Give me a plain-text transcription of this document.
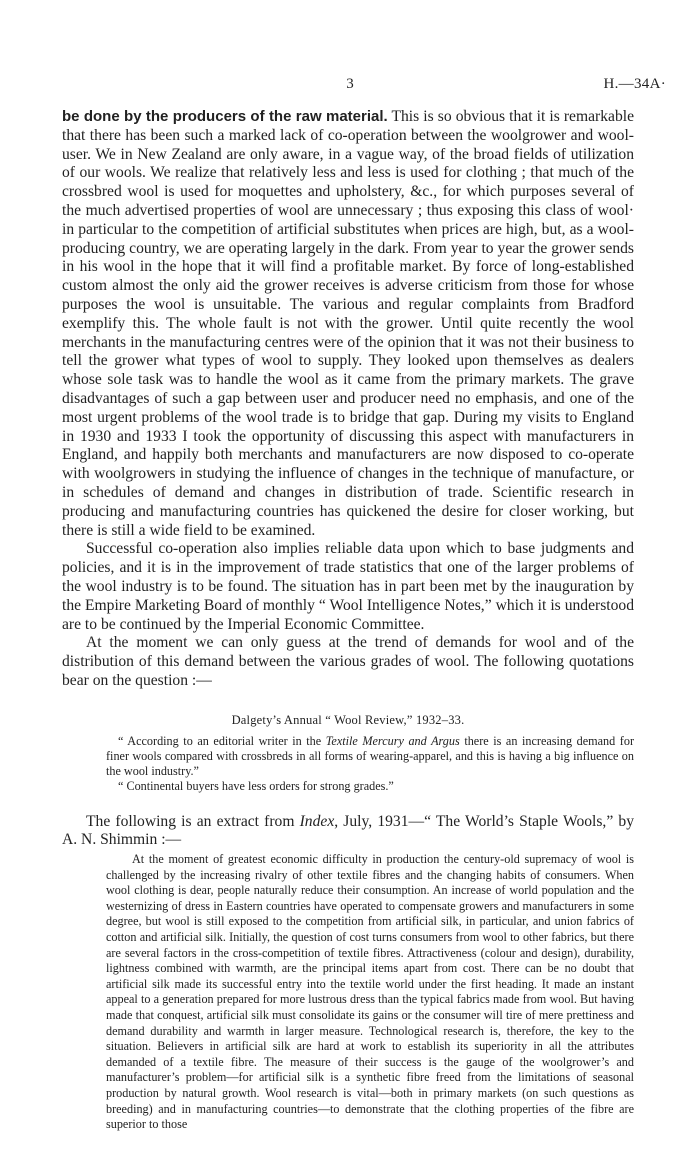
3	H.—34A·

be done by the producers of the raw material. This is so obvious that it is remarkable that there has been such a marked lack of co-operation between the woolgrower and wool-user. We in New Zealand are only aware, in a vague way, of the broad fields of utilization of our wools. We realize that relatively less and less is used for clothing ; that much of the crossbred wool is used for moquettes and upholstery, &c., for which purposes several of the much advertised properties of wool are unnecessary ; thus exposing this class of wool· in particular to the competition of artificial substitutes when prices are high, but, as a wool-producing country, we are operating largely in the dark. From year to year the grower sends in his wool in the hope that it will find a profitable market. By force of long-established custom almost the only aid the grower receives is adverse criticism from those for whose purposes the wool is unsuitable. The various and regular complaints from Bradford exemplify this. The whole fault is not with the grower. Until quite recently the wool merchants in the manufacturing centres were of the opinion that it was not their business to tell the grower what types of wool to supply. They looked upon themselves as dealers whose sole task was to handle the wool as it came from the primary markets. The grave disadvantages of such a gap between user and producer need no emphasis, and one of the most urgent problems of the wool trade is to bridge that gap. During my visits to England in 1930 and 1933 I took the opportunity of discussing this aspect with manufacturers in England, and happily both merchants and manufacturers are now disposed to co-operate with woolgrowers in studying the influence of changes in the technique of manufacture, or in schedules of demand and changes in distribution of trade. Scientific research in producing and manufacturing countries has quickened the desire for closer working, but there is still a wide field to be examined.

Successful co-operation also implies reliable data upon which to base judgments and policies, and it is in the improvement of trade statistics that one of the larger problems of the wool industry is to be found. The situation has in part been met by the inauguration by the Empire Marketing Board of monthly “ Wool Intelligence Notes,” which it is understood are to be continued by the Imperial Economic Committee.

At the moment we can only guess at the trend of demands for wool and of the distribution of this demand between the various grades of wool. The following quotations bear on the question :—

Dalgety’s Annual “ Wool Review,” 1932–33.

“ According to an editorial writer in the Textile Mercury and Argus there is an increasing demand for finer wools compared with crossbreds in all forms of wearing-apparel, and this is having a big influence on the wool industry.”

“ Continental buyers have less orders for strong grades.”

The following is an extract from Index, July, 1931—“ The World’s Staple Wools,” by A. N. Shimmin :—

At the moment of greatest economic difficulty in production the century-old supremacy of wool is challenged by the increasing rivalry of other textile fibres and the changing habits of consumers. When wool clothing is dear, people naturally reduce their consumption. An increase of world population and the westernizing of dress in Eastern countries have operated to compensate growers and manufacturers in some degree, but wool is still exposed to the competition from artificial silk, in particular, and union fabrics of cotton and artificial silk. Initially, the question of cost turns consumers from wool to other fabrics, but there are several factors in the cross-competition of textile fibres. Attractiveness (colour and design), durability, lightness combined with warmth, are the principal items apart from cost. There can be no doubt that artificial silk made its successful entry into the textile world under the first heading. It made an instant appeal to a generation prepared for more lustrous dress than the typical fabrics made from wool. But having made that conquest, artificial silk must consolidate its gains or the consumer will tire of mere prettiness and demand durability and warmth in larger measure. Technological research is, therefore, the key to the situation. Believers in artificial silk are hard at work to establish its superiority in all the attributes demanded of a textile fibre. The measure of their success is the gauge of the woolgrower’s and manufacturer’s problem—for artificial silk is a synthetic fibre freed from the limitations of seasonal production by natural growth. Wool research is vital—both in primary markets (on such questions as breeding) and in manufacturing countries—to demonstrate that the clothing properties of the fibre are superior to those
